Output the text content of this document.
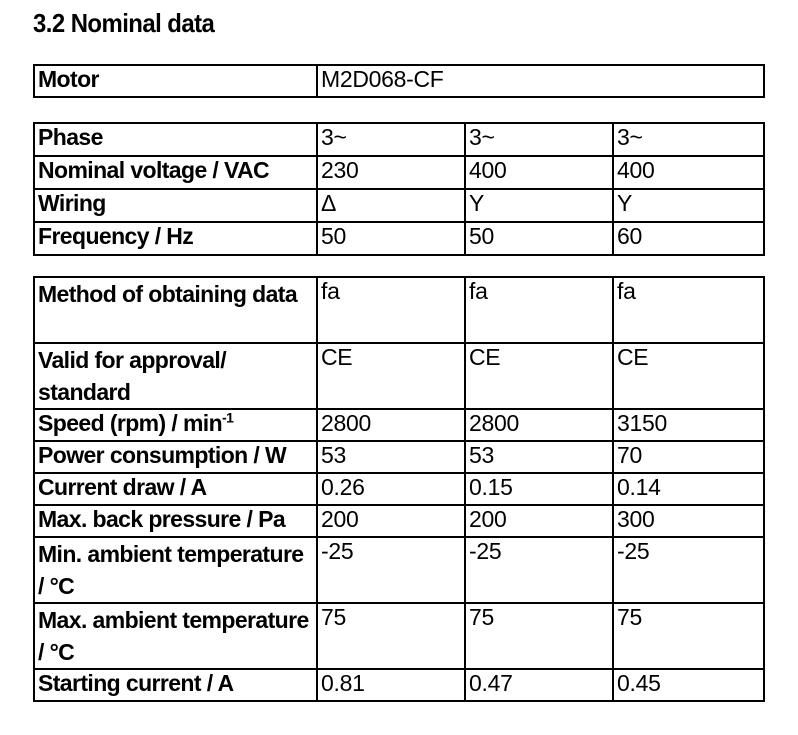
3.2 Nominal data
Motor	M2D068-CF
Phase	3~	3~	3~
Nominal voltage / VAC	230	400	400
Wiring	Δ	Y	Y
Frequency / Hz	50	50	60
Method of obtaining data	fa	fa	fa
Valid for approval/ standard	CE	CE	CE
Speed $(rpm) / \min^{-1}$	2800	2800	3150
Power consumption / W	53	53	70
Current draw / A	0.26	0.15	0.14
Max. back pressure / Pa	200	200	300
Min. ambient temperature / °C	-25	-25	-25
Max. ambient temperature / °C	75	75	75
Starting current / A	0.81	0.47	0.45
